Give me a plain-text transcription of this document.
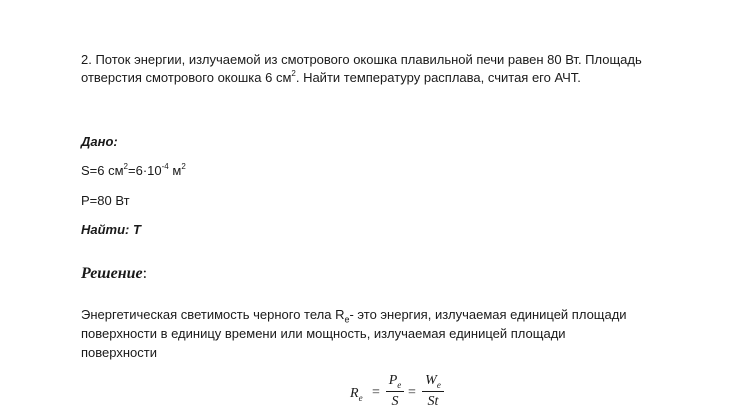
2. Поток энергии, излучаемой из смотрового окошка плавильной печи равен 80 Вт. Площадь
отверстия смотрового окошка 6 $см^2$. Найти температуру расплава, считая его АЧТ.
Дано:
S=6 $см^2=6\cdot 10^{-4}$ $м^2$
P=80 Вт
Найти: Т
Решение:
Энергетическая светимость черного тела $R_e-$ это энергия, излучаемая единицей площади
поверхности в единицу времени или мощность, излучаемая единицей площади
поверхности
$R_e$ =
$P_e$
S
=
$W_e$
St
